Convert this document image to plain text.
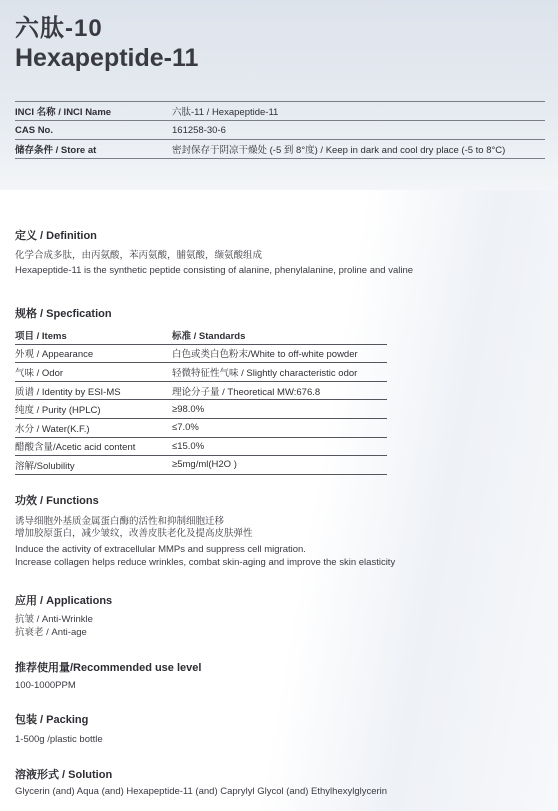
六肽-10
Hexapeptide-11
INCI 名称 / INCI Name	六肽-11 / Hexapeptide-11
CAS No.	161258-30-6
储存条件 / Store at	密封保存于阴凉干燥处 (-5 到 8°度) / Keep in dark and cool dry place (-5 to 8°C)
定义 / Definition
化学合成多肽，由丙氨酸，苯丙氨酸，脯氨酸，缬氨酸组成
Hexapeptide-11 is the synthetic peptide consisting of alanine, phenylalanine, proline and valine
规格 / Specfication
项目 / Items	标准 / Standards
外观 / Appearance	白色或类白色粉末/White to off-white powder
气味 / Odor	轻微特征性气味 / Slightly characteristic odor
质谱 / Identity by ESI-MS	理论分子量 / Theoretical MW:676.8
纯度 / Purity (HPLC)	≥98.0%
水分 / Water(K.F.)	≤7.0%
醋酸含量/Acetic acid content	≤15.0%
溶解/Solubility	≥5mg/ml(H2O )
功效 / Functions
诱导细胞外基质金属蛋白酶的活性和抑制细胞迁移
增加胶原蛋白，减少皱纹，改善皮肤老化及提高皮肤弹性
Induce the activity of extracellular MMPs and suppress cell migration.
Increase collagen helps reduce wrinkles, combat skin-aging and improve the skin elasticity
应用 / Applications
抗皱 / Anti-Wrinkle
抗衰老 / Anti-age
推荐使用量/Recommended use level
100-1000PPM
包装 / Packing
1-500g /plastic bottle
溶液形式 / Solution
Glycerin (and) Aqua (and) Hexapeptide-11 (and) Caprylyl Glycol (and) Ethylhexylglycerin
